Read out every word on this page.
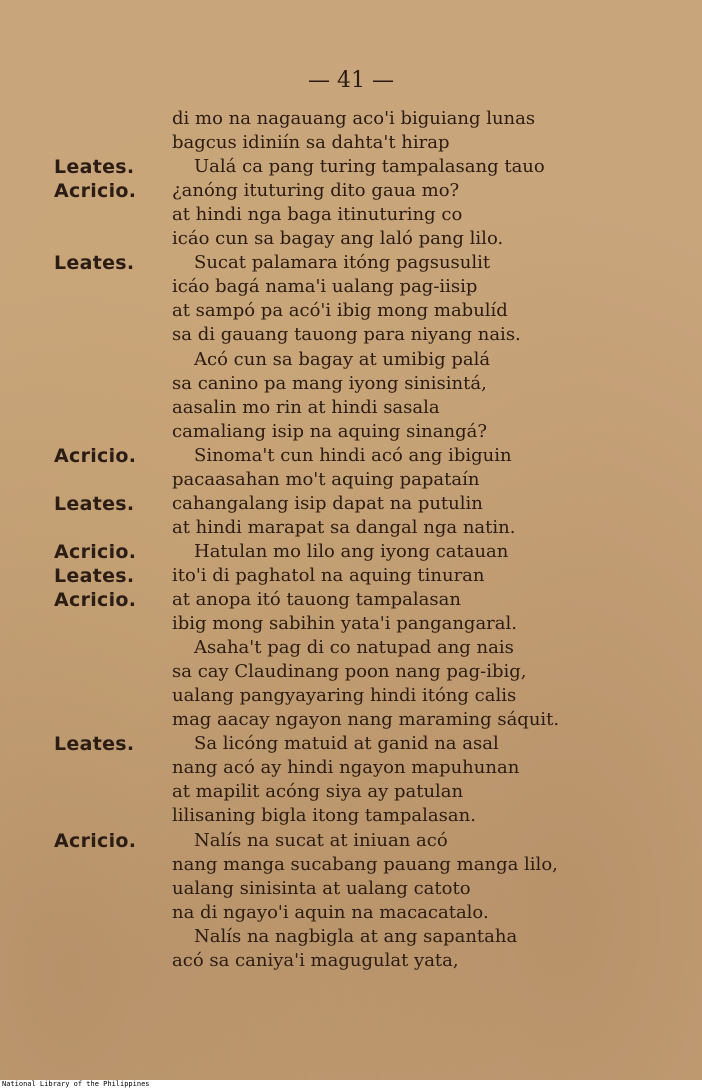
— 41 —
di mo na nagauang aco'i biguiang lunas
bagcus idiniín sa dahta't hirap
Leates.	Ualá ca pang turing tampalasang tauo
Acricio. ¿anóng ituturing dito gaua mo?
at hindi nga baga itinuturing co
icáo cun sa bagay ang laló pang lilo.
Leates.	Sucat palamara itóng pagsusulit
icáo bagá nama'i ualang pag-iisip
at sampó pa acó'i ibig mong mabulíd
sa di gauang tauong para niyang nais.
Acó cun sa bagay at umibig palá
sa canino pa mang iyong sinisintá,
aasalin mo rin at hindi sasala
camaliang isip na aquing sinangá?
Acricio.	Sinoma't cun hindi acó ang ibiguin
pacaasahan mo't aquing papataín
Leates. cahangalang isip dapat na putulin
at hindi marapat sa dangal nga natin.
Acricio.	Hatulan mo lilo ang iyong catauan
Leates. ito'i di paghatol na aquing tinuran
Acricio. at anopa itó tauong tampalasan
ibig mong sabihin yata'i pangangaral.
Asaha't pag di co natupad ang nais
sa cay Claudinang poon nang pag-ibig,
ualang pangyayaring hindi itóng calis
mag aacay ngayon nang maraming sáquit.
Leates.	Sa licóng matuid at ganid na asal
nang acó ay hindi ngayon mapuhunan
at mapilit acóng siya ay patulan
lilisaning bigla itong tampalasan.
Acricio.	Nalís na sucat at iniuan acó
nang manga sucabang pauang manga lilo,
ualang sinisinta at ualang catoto
na di ngayo'i aquin na macacatalo.
Nalís na nagbigla at ang sapantaha
acó sa caniya'i magugulat yata,
National Library of the Philippines
